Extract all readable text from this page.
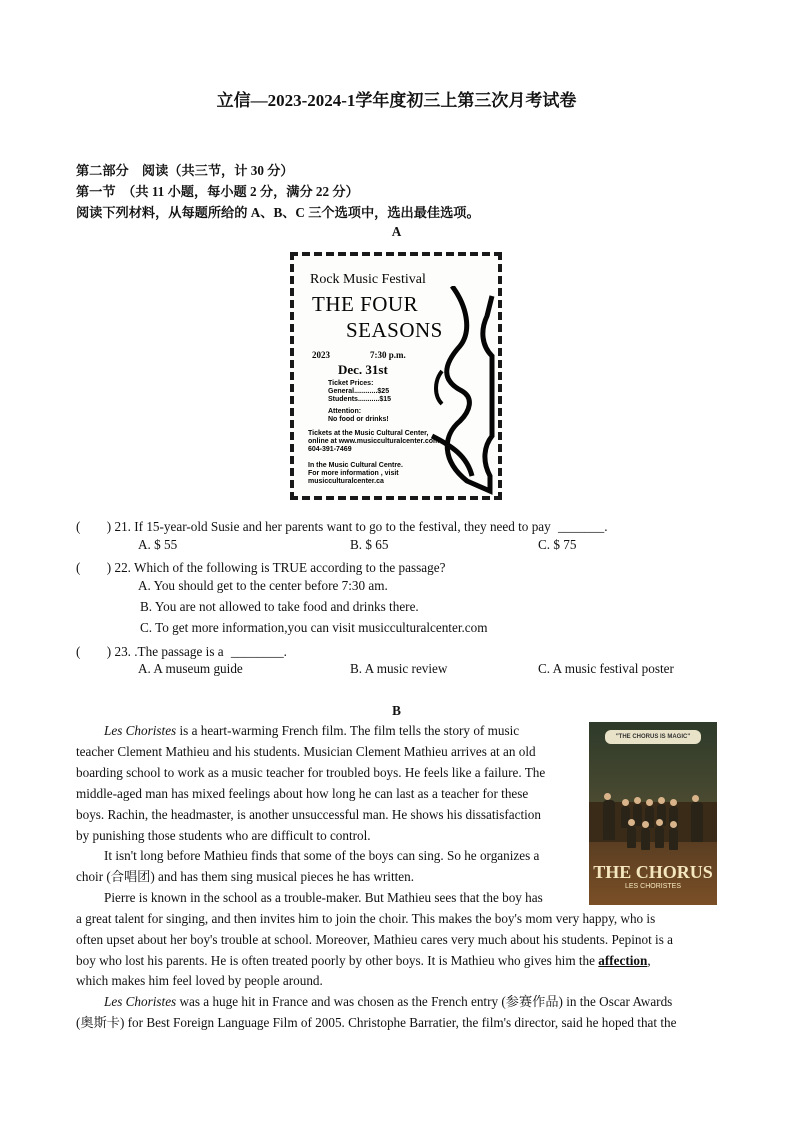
立信—2023-2024-1学年度初三上第三次月考试卷
第二部分　阅读（共三节，计 30 分）
第一节　（共 11 小题，每小题 2 分，满分 22 分）
阅读下列材料，从每题所给的 A、B、C 三个选项中，选出最佳选项。
A
Rock Music Festival
THE FOUR
SEASONS
2023	7:30 p.m.
Dec. 31st
Ticket Prices:
General............$25
Students...........$15
Attention:
No food or drinks!
Tickets at the Music Cultural Center,
online at www.musicculturalcenter.com
604-391-7469
In the Music Cultural Centre.
For more information , visit
musicculturalcenter.ca
(　　) 21. If 15-year-old Susie and her parents want to go to the festival, they need to pay _______.
A. $ 55	B. $ 65	C. $ 75
(　　) 22. Which of the following is TRUE according to the passage?
A. You should get to the center before 7:30 am.
B. You are not allowed to take food and drinks there.
C. To get more information,you can visit musicculturalcenter.com
(　　) 23. .The passage is a ________.
A. A museum guide	B. A music review	C. A music festival poster
B
"THE CHORUS IS MAGIC"
THE CHORUS
LES CHORISTES
Les Choristes is a heart-warming French film. The film tells the story of music
teacher Clement Mathieu and his students. Musician Clement Mathieu arrives at an old
boarding school to work as a music teacher for troubled boys. He feels like a failure. The
middle-aged man has mixed feelings about how long he can last as a teacher for these
boys. Rachin, the headmaster, is another unsuccessful man. He shows his dissatisfaction
by punishing those students who are difficult to control.
It isn't long before Mathieu finds that some of the boys can sing. So he organizes a
choir (合唱团) and has them sing musical pieces he has written.
Pierre is known in the school as a trouble-maker. But Mathieu sees that the boy has
a great talent for singing, and then invites him to join the choir. This makes the boy's mom very happy, who is
often upset about her boy's trouble at school. Moreover, Mathieu cares very much about his students. Pepinot is a
boy who lost his parents. He is often treated poorly by other boys. It is Mathieu who gives him the affection,
which makes him feel loved by people around.
Les Choristes was a huge hit in France and was chosen as the French entry (参赛作品) in the Oscar Awards
(奥斯卡) for Best Foreign Language Film of 2005. Christophe Barratier, the film's director, said he hoped that the
